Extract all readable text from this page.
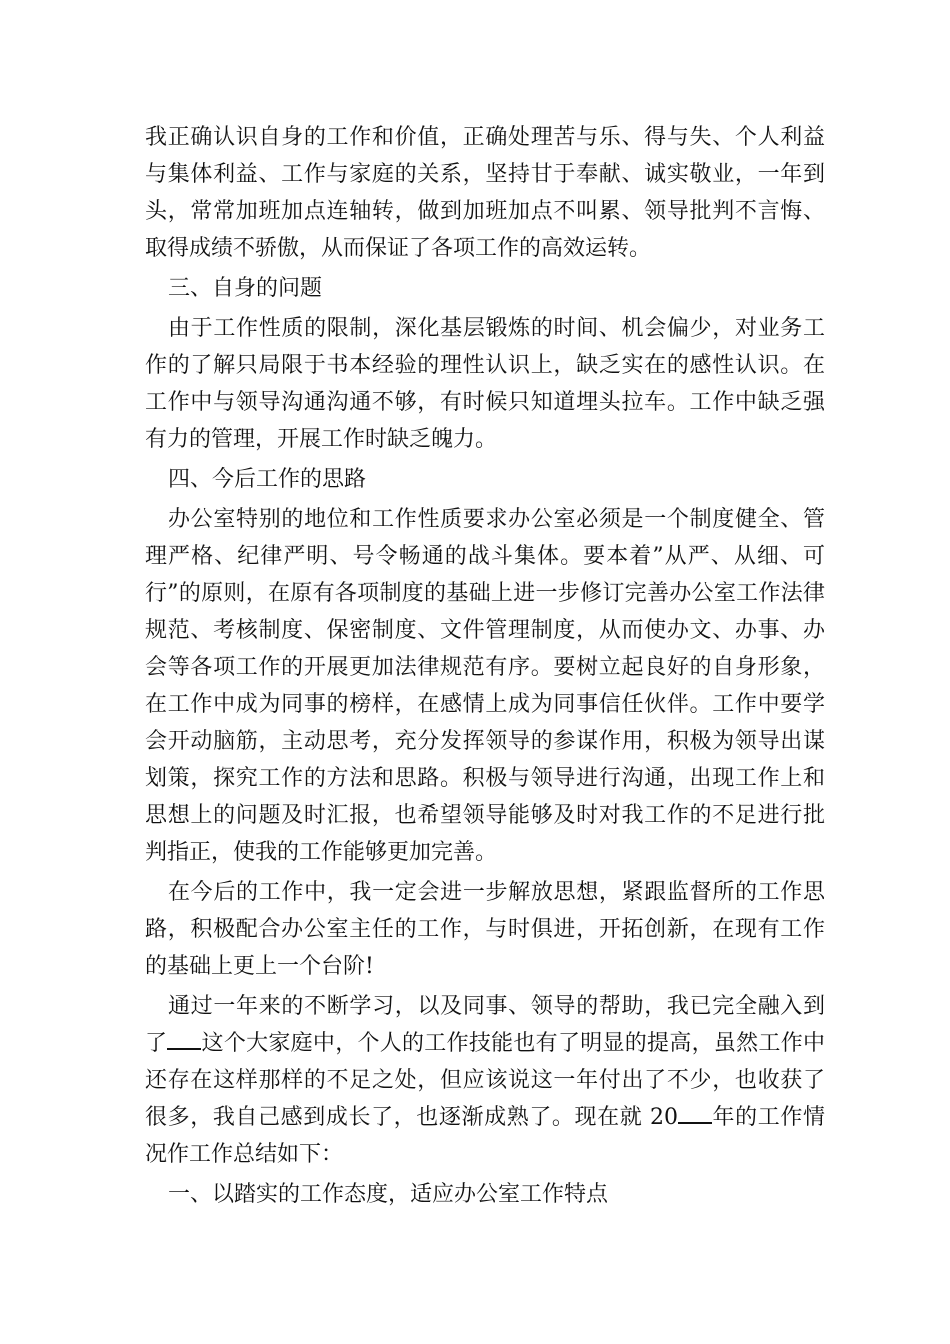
我正确认识自身的工作和价值，正确处理苦与乐、得与失、个人利益与集体利益、工作与家庭的关系，坚持甘于奉献、诚实敬业，一年到头，常常加班加点连轴转，做到加班加点不叫累、领导批判不言悔、取得成绩不骄傲，从而保证了各项工作的高效运转。

三、自身的问题

由于工作性质的限制，深化基层锻炼的时间、机会偏少，对业务工作的了解只局限于书本经验的理性认识上，缺乏实在的感性认识。在工作中与领导沟通沟通不够，有时候只知道埋头拉车。工作中缺乏强有力的管理，开展工作时缺乏魄力。

四、今后工作的思路

办公室特别的地位和工作性质要求办公室必须是一个制度健全、管理严格、纪律严明、号令畅通的战斗集体。要本着”从严、从细、可行”的原则，在原有各项制度的基础上进一步修订完善办公室工作法律规范、考核制度、保密制度、文件管理制度，从而使办文、办事、办会等各项工作的开展更加法律规范有序。要树立起良好的自身形象，在工作中成为同事的榜样，在感情上成为同事信任伙伴。工作中要学会开动脑筋，主动思考，充分发挥领导的参谋作用，积极为领导出谋划策，探究工作的方法和思路。积极与领导进行沟通，出现工作上和思想上的问题及时汇报，也希望领导能够及时对我工作的不足进行批判指正，使我的工作能够更加完善。

在今后的工作中，我一定会进一步解放思想，紧跟监督所的工作思路，积极配合办公室主任的工作，与时俱进，开拓创新，在现有工作的基础上更上一个台阶!

通过一年来的不断学习，以及同事、领导的帮助，我已完全融入到了 这个大家庭中，个人的工作技能也有了明显的提高，虽然工作中还存在这样那样的不足之处，但应该说这一年付出了不少，也收获了很多，我自己感到成长了，也逐渐成熟了。现在就 20 年的工作情况作工作总结如下：

一、以踏实的工作态度，适应办公室工作特点
